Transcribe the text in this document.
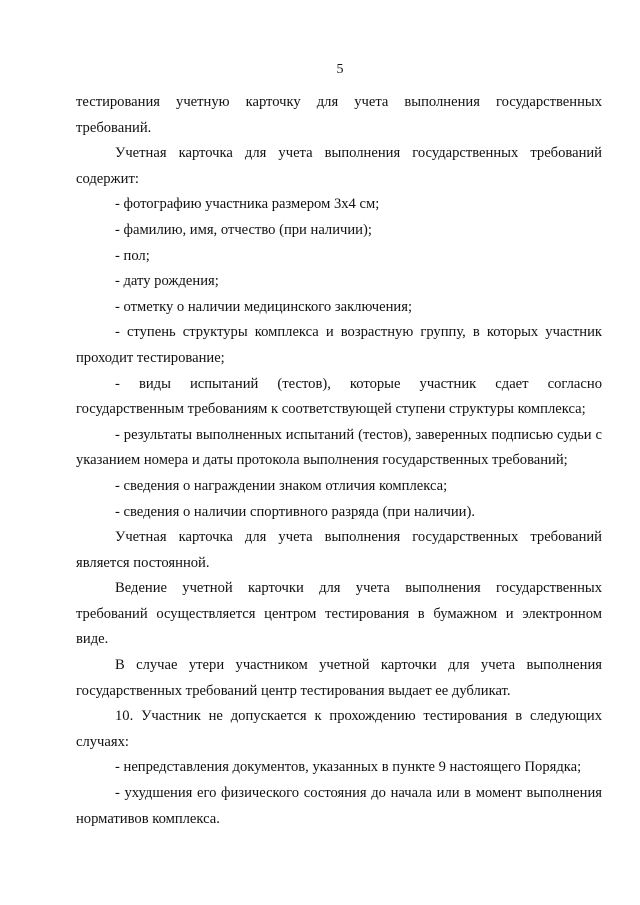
5

тестирования учетную карточку для учета выполнения государственных требований.

Учетная карточка для учета выполнения государственных требований содержит:

- фотографию участника размером 3х4 см;

- фамилию, имя, отчество (при наличии);

- пол;

- дату рождения;

- отметку о наличии медицинского заключения;

- ступень структуры комплекса и возрастную группу, в которых участник проходит тестирование;

- виды испытаний (тестов), которые участник сдает согласно государственным требованиям к соответствующей ступени структуры комплекса;

- результаты выполненных испытаний (тестов), заверенных подписью судьи с указанием номера и даты протокола выполнения государственных требований;

- сведения о награждении знаком отличия комплекса;

- сведения о наличии спортивного разряда (при наличии).

Учетная карточка для учета выполнения государственных требований является постоянной.

Ведение учетной карточки для учета выполнения государственных требований осуществляется центром тестирования в бумажном и электронном виде.

В случае утери участником учетной карточки для учета выполнения государственных требований центр тестирования выдает ее дубликат.

10. Участник не допускается к прохождению тестирования в следующих случаях:

- непредставления документов, указанных в пункте 9 настоящего Порядка;

- ухудшения его физического состояния до начала или в момент выполнения нормативов комплекса.
